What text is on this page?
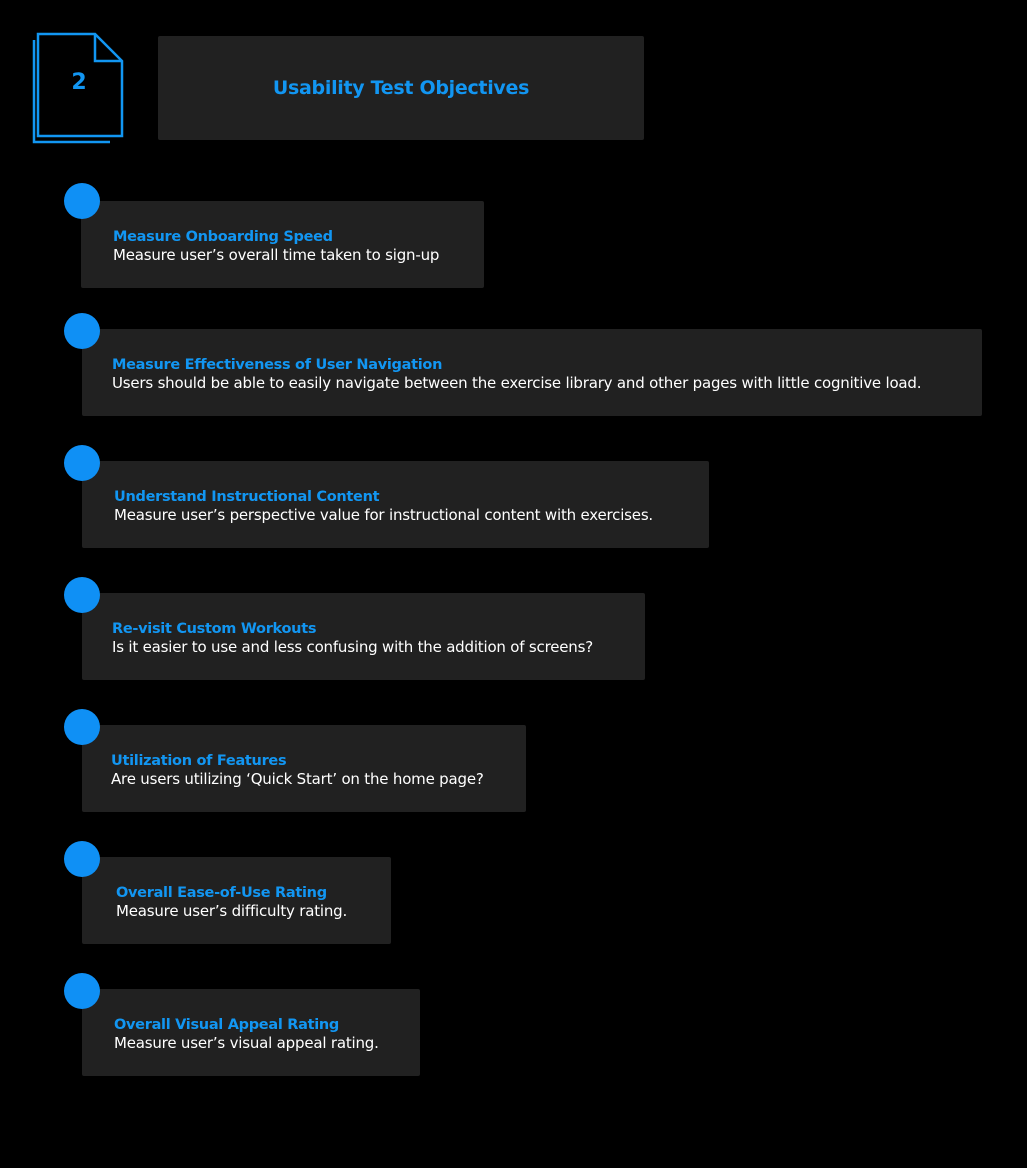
2	Usability Test Objectives
Measure Onboarding Speed
Measure user’s overall time taken to sign-up
Measure Effectiveness of User Navigation
Users should be able to easily navigate between the exercise library and other pages with little cognitive load.
Understand Instructional Content
Measure user’s perspective value for instructional content with exercises.
Re-visit Custom Workouts
Is it easier to use and less confusing with the addition of screens?
Utilization of Features
Are users utilizing ‘Quick Start’ on the home page?
Overall Ease-of-Use Rating
Measure user’s difficulty rating.
Overall Visual Appeal Rating
Measure user’s visual appeal rating.
